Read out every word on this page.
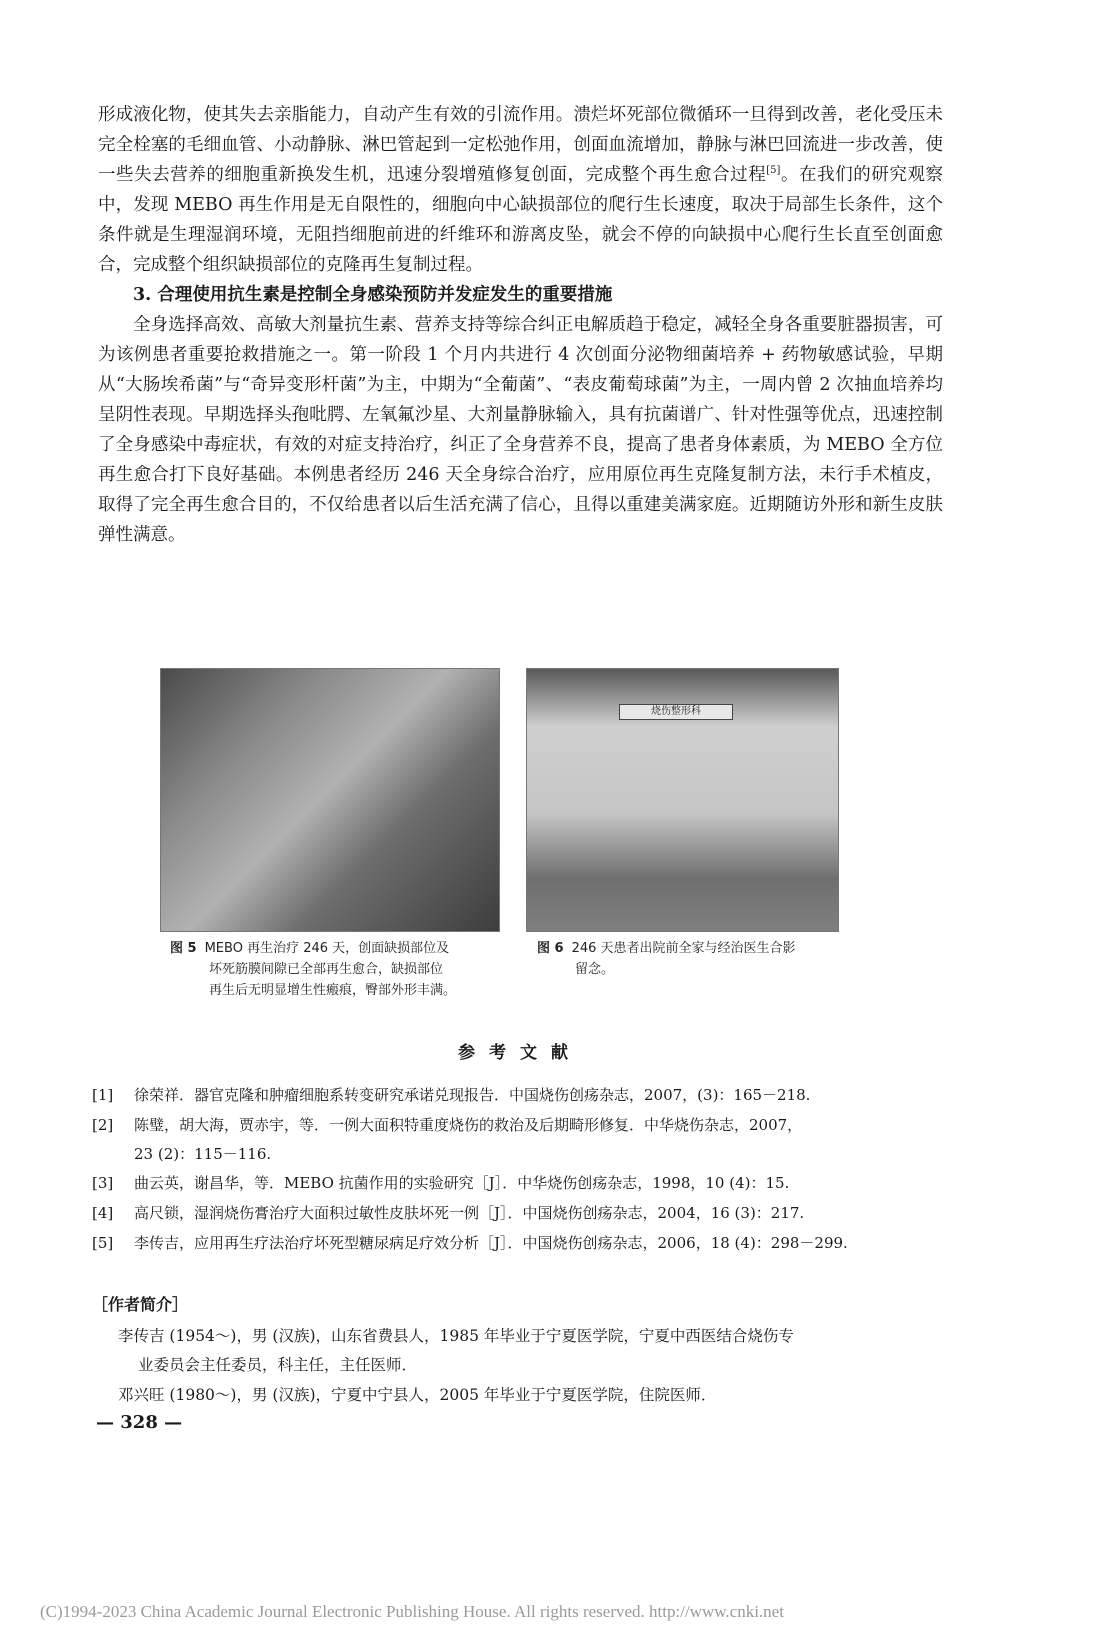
形成液化物，使其失去亲脂能力，自动产生有效的引流作用。溃烂坏死部位微循环一旦得到改善，老化受压未完全栓塞的毛细血管、小动静脉、淋巴管起到一定松弛作用，创面血流增加，静脉与淋巴回流进一步改善，使一些失去营养的细胞重新换发生机，迅速分裂增殖修复创面，完成整个再生愈合过程[5]。在我们的研究观察中，发现 MEBO 再生作用是无自限性的，细胞向中心缺损部位的爬行生长速度，取决于局部生长条件，这个条件就是生理湿润环境，无阻挡细胞前进的纤维环和游离皮坠，就会不停的向缺损中心爬行生长直至创面愈合，完成整个组织缺损部位的克隆再生复制过程。

3. 合理使用抗生素是控制全身感染预防并发症发生的重要措施

全身选择高效、高敏大剂量抗生素、营养支持等综合纠正电解质趋于稳定，减轻全身各重要脏器损害，可为该例患者重要抢救措施之一。第一阶段 1 个月内共进行 4 次创面分泌物细菌培养 + 药物敏感试验，早期从“大肠埃希菌”与“奇异变形杆菌”为主，中期为“全葡菌”、“表皮葡萄球菌”为主，一周内曾 2 次抽血培养均呈阴性表现。早期选择头孢吡腭、左氧氟沙星、大剂量静脉输入，具有抗菌谱广、针对性强等优点，迅速控制了全身感染中毒症状，有效的对症支持治疗，纠正了全身营养不良，提高了患者身体素质，为 MEBO 全方位再生愈合打下良好基础。本例患者经历 246 天全身综合治疗，应用原位再生克隆复制方法，未行手术植皮，取得了完全再生愈合目的，不仅给患者以后生活充满了信心，且得以重建美满家庭。近期随访外形和新生皮肤弹性满意。

烧伤整形科
图 5 MEBO 再生治疗 246 天，创面缺损部位及
坏死筋膜间隙已全部再生愈合，缺损部位
再生后无明显增生性瘢痕，臀部外形丰满。
图 6 246 天患者出院前全家与经治医生合影
留念。
参考文献
[1] 徐荣祥．器官克隆和肿瘤细胞系转变研究承诺兑现报告．中国烧伤创疡杂志，2007，(3)：165－218.
[2] 陈璧，胡大海，贾赤宇，等．一例大面积特重度烧伤的救治及后期畸形修复．中华烧伤杂志，2007，
23 (2)：115－116.
[3] 曲云英，谢昌华，等．MEBO 抗菌作用的实验研究［J］．中华烧伤创疡杂志，1998，10 (4)：15.
[4] 高尺锁，湿润烧伤膏治疗大面积过敏性皮肤坏死一例［J］．中国烧伤创疡杂志，2004，16 (3)：217.
[5] 李传吉，应用再生疗法治疗坏死型糖尿病足疗效分析［J］．中国烧伤创疡杂志，2006，18 (4)：298－299.
［作者简介］
李传吉 (1954～)，男 (汉族)，山东省费县人，1985 年毕业于宁夏医学院，宁夏中西医结合烧伤专
业委员会主任委员，科主任，主任医师．
邓兴旺 (1980～)，男 (汉族)，宁夏中宁县人，2005 年毕业于宁夏医学院，住院医师．
— 328 —
(C)1994-2023 China Academic Journal Electronic Publishing House. All rights reserved. http://www.cnki.net
